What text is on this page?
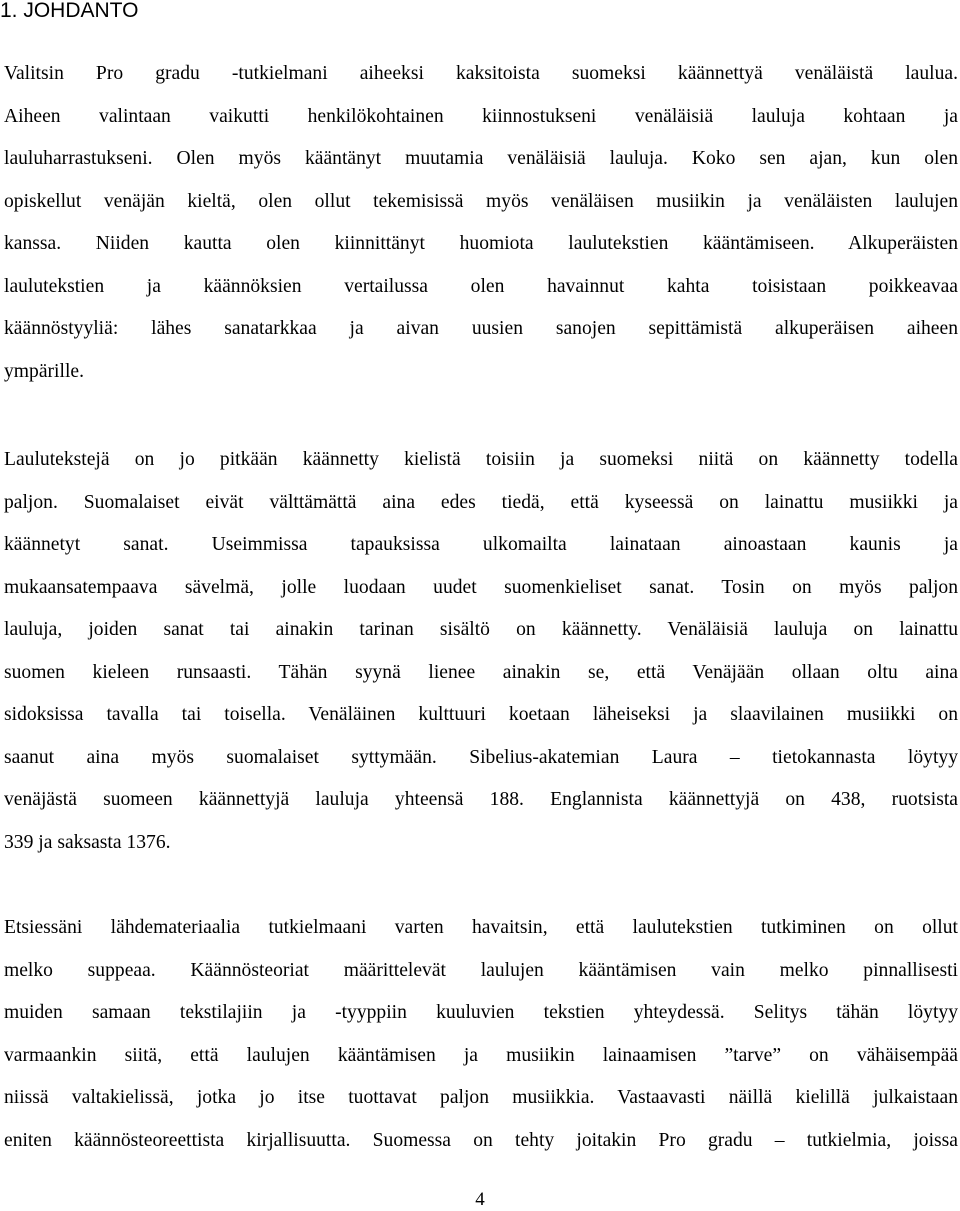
1. JOHDANTO
Valitsin Pro gradu -tutkielmani aiheeksi kaksitoista suomeksi käännettyä venäläistä laulua.
Aiheen valintaan vaikutti henkilökohtainen kiinnostukseni venäläisiä lauluja kohtaan ja
lauluharrastukseni. Olen myös kääntänyt muutamia venäläisiä lauluja. Koko sen ajan, kun olen
opiskellut venäjän kieltä, olen ollut tekemisissä myös venäläisen musiikin ja venäläisten laulujen
kanssa. Niiden kautta olen kiinnittänyt huomiota laulutekstien kääntämiseen. Alkuperäisten
laulutekstien ja käännöksien vertailussa olen havainnut kahta toisistaan poikkeavaa
käännöstyyliä: lähes sanatarkkaa ja aivan uusien sanojen sepittämistä alkuperäisen aiheen
ympärille.
Laulutekstejä on jo pitkään käännetty kielistä toisiin ja suomeksi niitä on käännetty todella
paljon. Suomalaiset eivät välttämättä aina edes tiedä, että kyseessä on lainattu musiikki ja
käännetyt sanat. Useimmissa tapauksissa ulkomailta lainataan ainoastaan kaunis ja
mukaansatempaava sävelmä, jolle luodaan uudet suomenkieliset sanat. Tosin on myös paljon
lauluja, joiden sanat tai ainakin tarinan sisältö on käännetty. Venäläisiä lauluja on lainattu
suomen kieleen runsaasti. Tähän syynä lienee ainakin se, että Venäjään ollaan oltu aina
sidoksissa tavalla tai toisella. Venäläinen kulttuuri koetaan läheiseksi ja slaavilainen musiikki on
saanut aina myös suomalaiset syttymään. Sibelius-akatemian Laura – tietokannasta löytyy
venäjästä suomeen käännettyjä lauluja yhteensä 188. Englannista käännettyjä on 438, ruotsista
339 ja saksasta 1376.
Etsiessäni lähdemateriaalia tutkielmaani varten havaitsin, että laulutekstien tutkiminen on ollut
melko suppeaa. Käännösteoriat määrittelevät laulujen kääntämisen vain melko pinnallisesti
muiden samaan tekstilajiin ja -tyyppiin kuuluvien tekstien yhteydessä. Selitys tähän löytyy
varmaankin siitä, että laulujen kääntämisen ja musiikin lainaamisen ”tarve” on vähäisempää
niissä valtakielissä, jotka jo itse tuottavat paljon musiikkia. Vastaavasti näillä kielillä julkaistaan
eniten käännösteoreettista kirjallisuutta. Suomessa on tehty joitakin Pro gradu – tutkielmia, joissa

4
